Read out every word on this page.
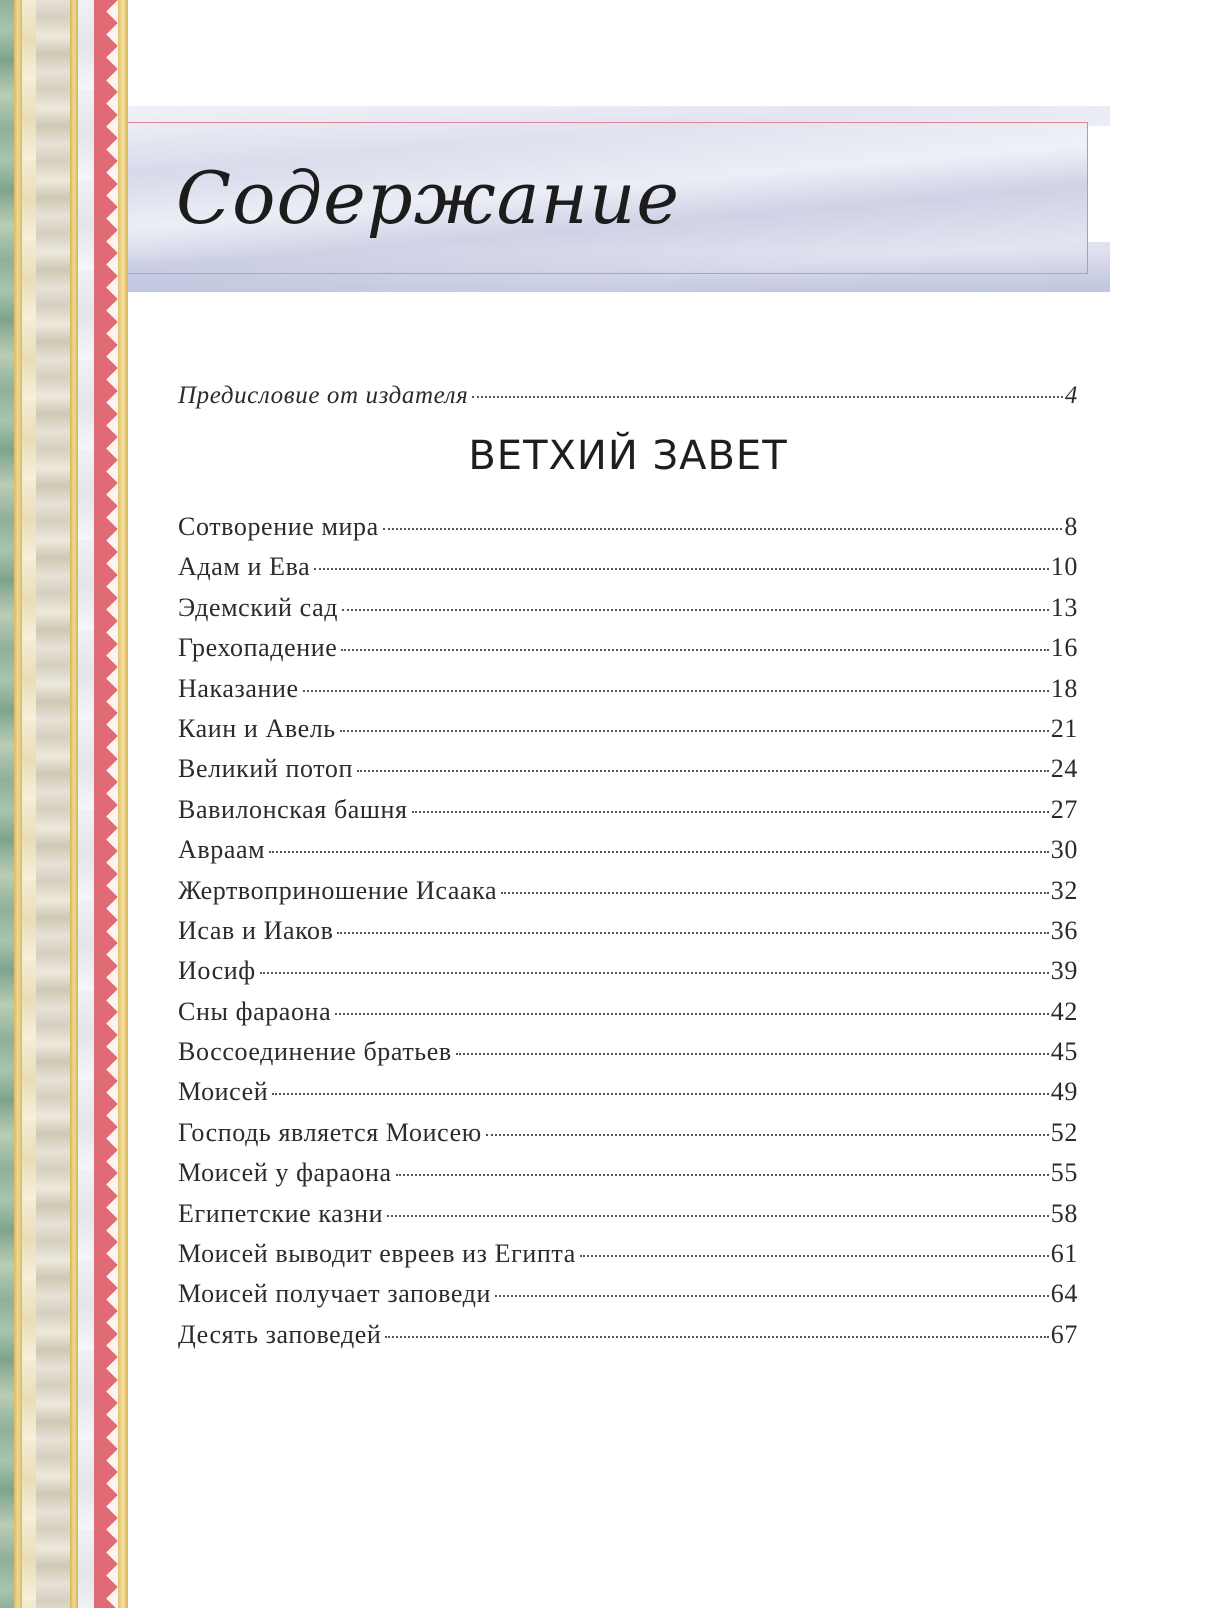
Содержание
Предисловие от издателя	4
ВЕТХИЙ ЗАВЕТ
Сотворение мира	8
Адам и Ева	10
Эдемский сад	13
Грехопадение	16
Наказание	18
Каин и Авель	21
Великий потоп	24
Вавилонская башня	27
Авраам	30
Жертвоприношение Исаака	32
Исав и Иаков	36
Иосиф	39
Сны фараона	42
Воссоединение братьев	45
Моисей	49
Господь является Моисею	52
Моисей у фараона	55
Египетские казни	58
Моисей выводит евреев из Египта	61
Моисей получает заповеди	64
Десять заповедей	67
